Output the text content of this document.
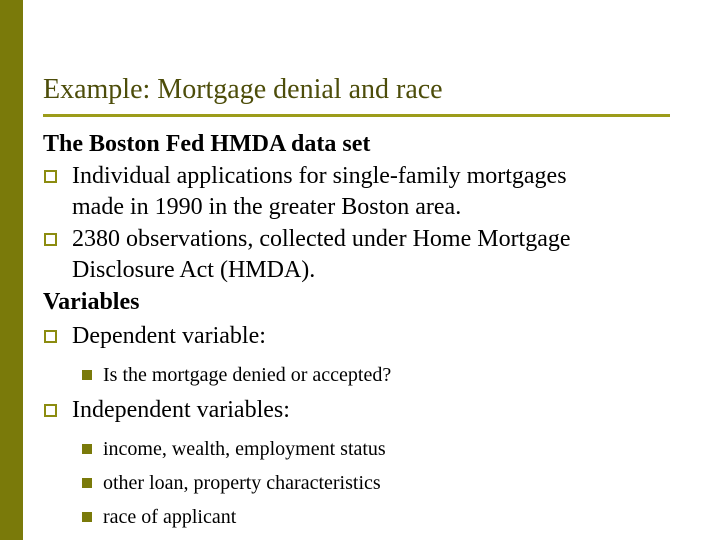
Example: Mortgage denial and race
The Boston Fed HMDA data set
Individual applications for single-family mortgages
made in 1990 in the greater Boston area.
2380 observations, collected under Home Mortgage
Disclosure Act (HMDA).
Variables
Dependent variable:
Is the mortgage denied or accepted?
Independent variables:
income, wealth, employment status
other loan, property characteristics
race of applicant
